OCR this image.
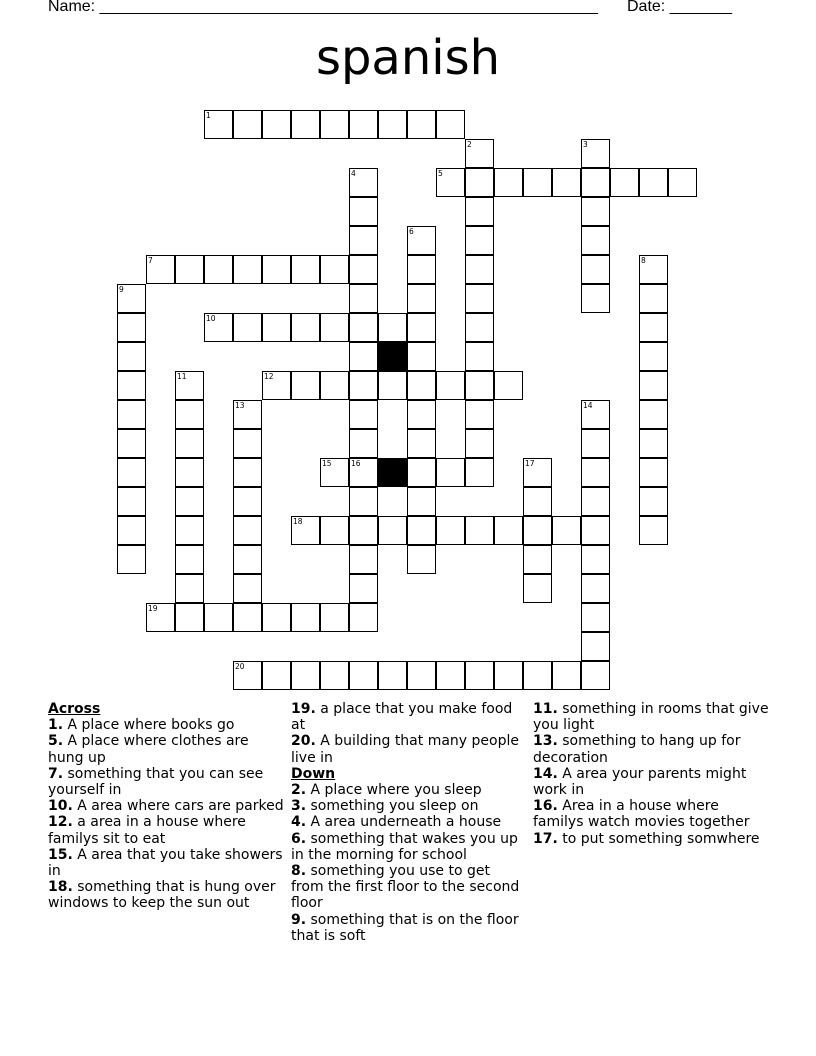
Name: ________________________________________________________ Date: _______
spanish
1
5
7
10
12
15	16
18
19
20
2	3
4
6
8
9
11
13	14
17
Across
1. A place where books go
5. A place where clothes are hung up
7. something that you can see yourself in
10. A area where cars are parked
12. a area in a house where familys sit to eat
15. A area that you take showers in
18. something that is hung over windows to keep the sun out
19. a place that you make food at
20. A building that many people live in
Down
2. A place where you sleep
3. something you sleep on
4. A area underneath a house
6. something that wakes you up in the morning for school
8. something you use to get from the first floor to the second floor
9. something that is on the floor that is soft
11. something in rooms that give you light
13. something to hang up for decoration
14. A area your parents might work in
16. Area in a house where familys watch movies together
17. to put something somwhere
